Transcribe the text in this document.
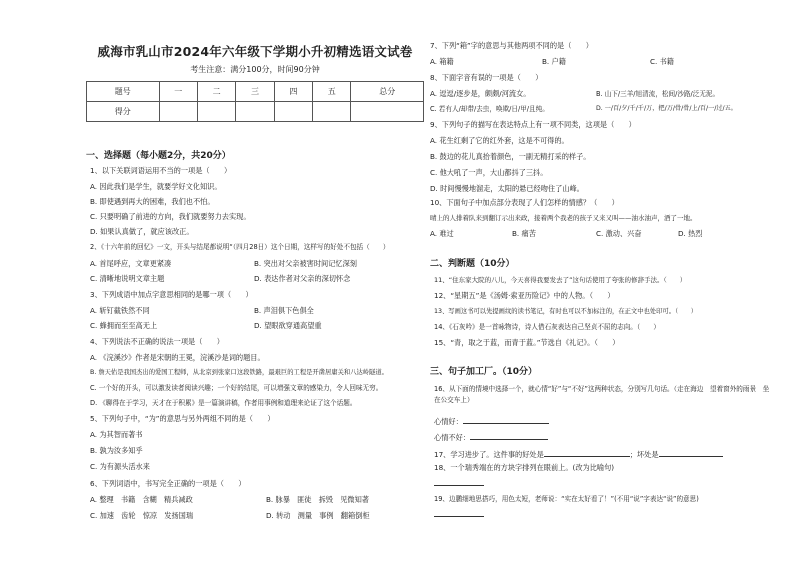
威海市乳山市2024年六年级下学期小升初精选语文试卷
考生注意：满分100分，时间90分钟
题号	一	二	三	四	五	总分
得分						
一、选择题（每小题2分，共20分）
1、以下关联词语运用不当的一项是（　　）
A. 因此我们是学生，就要学好文化知识。
B. 即使遇到再大的困难，我们也不怕。
C. 只要明确了前进的方向，我们就要努力去实现。
D. 如果认真做了，就应该改正。
2、《十六年前的回忆》一文，开头与结尾都说明“（四月28日）这个日期，这样写的好处不包括（　　）
A. 首尾呼应，文章更紧凑	B. 突出对父亲被害时间记忆深刻
C. 清晰地说明文章主题	D. 表达作者对父亲的深切怀念
3、下列成语中加点字意思相同的是哪一项（　　）
A. 斩钉截铁然不同	B. 声泪俱下色俱全
C. 蜂拥而至至高无上	D. 望眼欲穿通高望重
4、下列说法不正确的说法一项是（　　）
A. 《浣溪沙》作者是宋朝的王冕，浣溪沙是词的题目。
B. 詹天佑是我国杰出的爱国工程师，从北京到张家口这段铁路，最艰巨的工程是开凿居庸关和八达岭隧道。
C. 一个好的开头，可以激发读者阅读兴趣；一个好的结尾，可以增强文章的感染力，令人回味无穷。
D. 《聊得在于学习，天才在于积累》是一篇演讲稿，作者用事例和道理来论证了这个话题。
5、下列句子中，“为”的意思与另外两组不同的是（　　）
A. 为其智而著书
B. 孰为汝多知乎
C. 为有源头活水来
6、下列词语中，书写完全正确的一项是（　　）
A. 整理　书籍　含糊　精兵减政	B. 脉暴　匪徒　拆毁　见微知著
C. 加速　齿轮　惊凉　发扬国瑞	D. 转动　测量　事例　翻箱倒柜
7、下列“箱”字的意思与其他两项不同的是（　　）
A. 箱籍	B. 户籍	C. 书籍
8、下面字音有误的一项是（　　）
A. 逗逗/逐步是，颇颇/河流女。	B. 山下/三羊/旭清流，松间/沙路/泛无泥。
C. 若有人/却带/去虫，唤欺/日/甲/且纯。	D. 一/百/夕/千/千/万，把/万/骨/骨/上/百/一/过/五。
9、下列句子的描写在表达特点上有一项不同类，这项是（　　）
A. 花生红剩了它的红外套，这是不可得的。
B. 鼓边的花儿真抬着颜色，一副无精打采的样子。
C. 他大吼了一声，大山都抖了三抖。
D. 时间慢慢地溜走，太阳的悬已经吻住了山峰。
10、下面句子中加点部分表现了人们怎样的情感？（　　）
晴上的人排着队来到翻订示出来政，接着两个我老的孩子又来又叫——油水油声，酒了一地。
A. 难过	B. 痛苦	C. 激动、兴奋	D. 热烈
二、判断题（10分）
11、“住东家大院的八儿，今天喜得我要发去了”这句话使用了夸张的修辞手法。（　　）
12、“星期五”是《汤姆·索亚历险记》中的人物。（　　）
13、写画这书可以先提画纹的读书笔记，有时也可以不加标注的，在正文中也处印可。（　　）
14、《石灰吟》是一首咏物诗，诗人借石灰表达自己坚贞不屈的志向。（　　）
15、“青，取之于蓝，而青于蓝。”节选自《礼记》。（　　）
三、句子加工厂。（10分）
16、从下面的情境中选择一个，就心情“好”与“不好”这两种状态，分别写几句话。（走在海边　望着窗外的雨景　坐在公交车上）
心情好：
心情不好：
17、学习进步了。这件事的好处是	；坏处是
18、一个瑞秀端在的方块字排列在眼前上。(改为比喻句)
19、边鹏细地思搭巧，用色太短，老师说：“实在太好看了！”(不用“说”字表达“说”的意思)
